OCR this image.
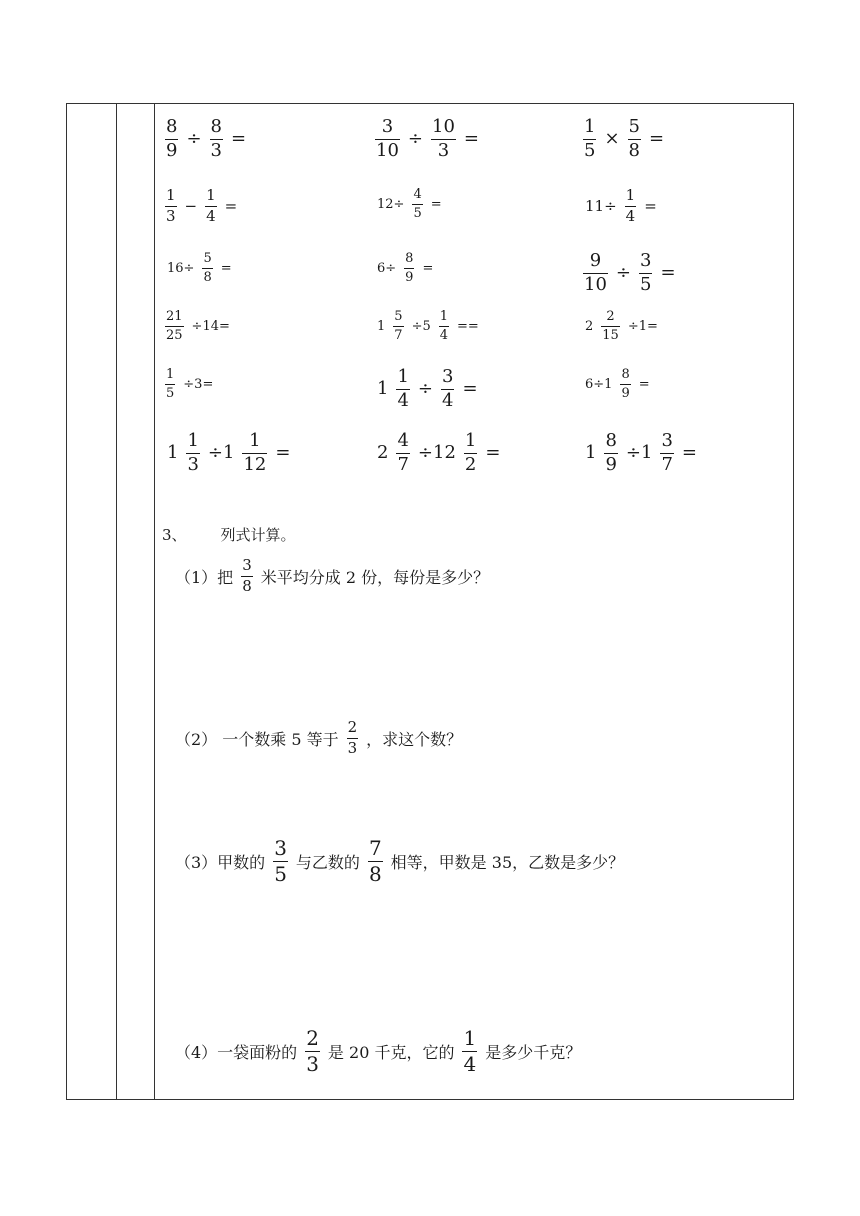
$\frac{8}{9} \div \frac{8}{3}$ =	$\frac{3}{10} \div \frac{10}{3}$ =	$\frac{1}{5} \times \frac{5}{8}$ =
$\frac{1}{3} - \frac{1}{4}$ =	$12\div \frac{4}{5}$ =	$11\div \frac{1}{4}$ =
$16\div \frac{5}{8}$ =	$6\div \frac{8}{9}$ =	$\frac{9}{10} \div \frac{3}{5}$ =
$\frac{21}{25} \div 14=$	$1 \frac{5}{7} \div 5 \frac{1}{4}$ ==	$2 \frac{2}{15} \div 1=$
$\frac{1}{5} \div 3=$	$1 \frac{1}{4} \div \frac{3}{4}$ =	$6\div 1 \frac{8}{9}$ =
$1 \frac{1}{3} \div 1 \frac{1}{12}$ =	$2 \frac{4}{7} \div 12 \frac{1}{2}$ =	$1 \frac{8}{9} \div 1 \frac{3}{7}$ =
3、 列式计算。
（1）把 $\frac{3}{8}$ 米平均分成 2 份，每份是多少？
（2） 一个数乘 5 等于 $\frac{2}{3}$ ，求这个数？
（3）甲数的 $\frac{3}{5}$ 与乙数的 $\frac{7}{8}$ 相等，甲数是 35，乙数是多少？
（4）一袋面粉的 $\frac{2}{3}$ 是 20 千克，它的 $\frac{1}{4}$ 是多少千克？
